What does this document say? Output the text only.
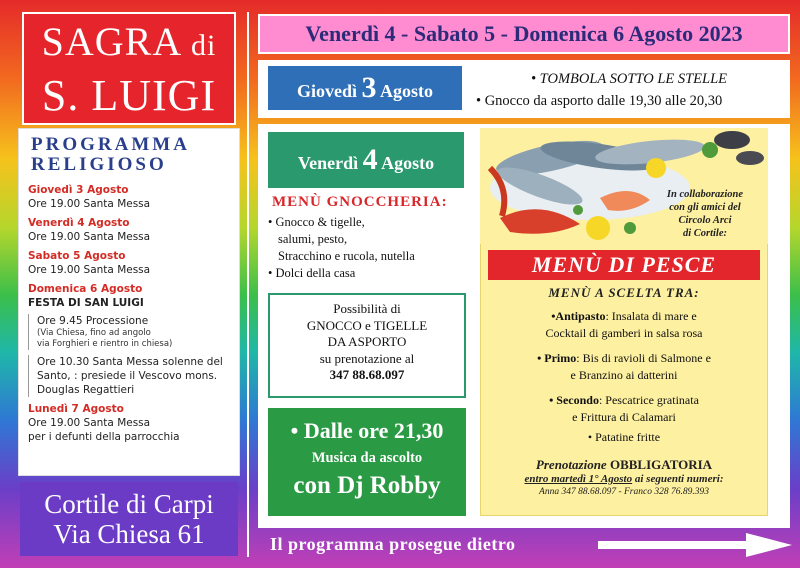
SAGRA di
S. LUIGI
PROGRAMMA
RELIGIOSO
Giovedì 3 Agosto
Ore 19.00 Santa Messa
Venerdì 4 Agosto
Ore 19.00 Santa Messa
Sabato 5 Agosto
Ore 19.00 Santa Messa
Domenica 6 Agosto
FESTA DI SAN LUIGI
Ore 9.45 Processione
(Via Chiesa, fino ad angolo
via Forghieri e rientro in chiesa)
Ore 10.30 Santa Messa solenne del
Santo, : presiede il Vescovo mons.
Douglas Regattieri
Lunedì 7 Agosto
Ore 19.00 Santa Messa
per i defunti della parrocchia
Cortile di Carpi
Via Chiesa 61
Venerdì 4 - Sabato 5 - Domenica 6 Agosto 2023
Giovedì 3 Agosto
• TOMBOLA SOTTO LE STELLE
• Gnocco da asporto dalle 19,30 alle 20,30
Venerdì 4 Agosto
MENÙ GNOCCHERIA:
• Gnocco & tigelle,
salumi, pesto,
Stracchino e rucola, nutella
• Dolci della casa
Possibilità di
GNOCCO e TIGELLE
DA ASPORTO
su prenotazione al
347 88.68.097
• Dalle ore 21,30
Musica da ascolto
con Dj Robby
In collaborazione
con gli amici del
Circolo Arci
di Cortile:
MENÙ DI PESCE
MENÙ A SCELTA TRA:
•Antipasto: Insalata di mare e
Cocktail di gamberi in salsa rosa
• Primo: Bis di ravioli di Salmone e
e Branzino ai datterini
• Secondo: Pescatrice gratinata
e Frittura di Calamari
• Patatine fritte
Prenotazione OBBLIGATORIA
entro martedì 1° Agosto ai seguenti numeri:
Anna 347 88.68.097 - Franco 328 76.89.393
Il programma prosegue dietro
